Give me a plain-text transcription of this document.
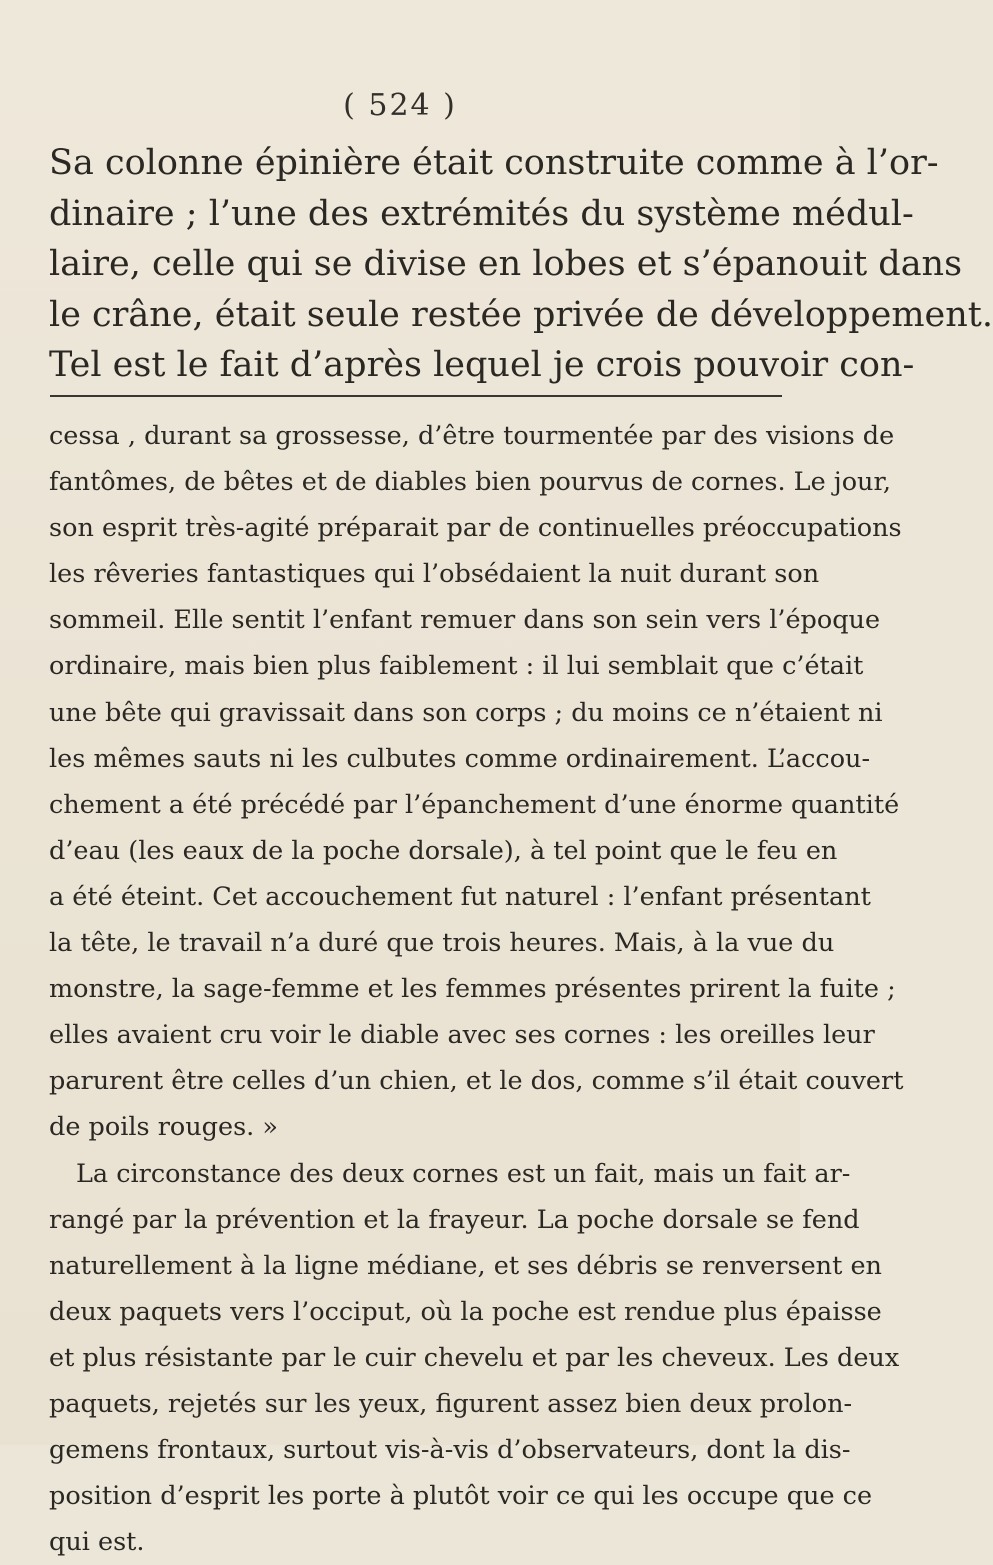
( 524 )
Sa colonne épinière était construite comme à l’or-
dinaire ; l’une des extrémités du système médul-
laire, celle qui se divise en lobes et s’épanouit dans
le crâne, était seule restée privée de développement.
Tel est le fait d’après lequel je crois pouvoir con-
cessa , durant sa grossesse, d’être tourmentée par des visions de
fantômes, de bêtes et de diables bien pourvus de cornes. Le jour,
son esprit très-agité préparait par de continuelles préoccupations
les rêveries fantastiques qui l’obsédaient la nuit durant son
sommeil. Elle sentit l’enfant remuer dans son sein vers l’époque
ordinaire, mais bien plus faiblement : il lui semblait que c’était
une bête qui gravissait dans son corps ; du moins ce n’étaient ni
les mêmes sauts ni les culbutes comme ordinairement. L’accou-
chement a été précédé par l’épanchement d’une énorme quantité
d’eau (les eaux de la poche dorsale), à tel point que le feu en
a été éteint. Cet accouchement fut naturel : l’enfant présentant
la tête, le travail n’a duré que trois heures. Mais, à la vue du
monstre, la sage-femme et les femmes présentes prirent la fuite ;
elles avaient cru voir le diable avec ses cornes : les oreilles leur
parurent être celles d’un chien, et le dos, comme s’il était couvert
de poils rouges. »
La circonstance des deux cornes est un fait, mais un fait ar-
rangé par la prévention et la frayeur. La poche dorsale se fend
naturellement à la ligne médiane, et ses débris se renversent en
deux paquets vers l’occiput, où la poche est rendue plus épaisse
et plus résistante par le cuir chevelu et par les cheveux. Les deux
paquets, rejetés sur les yeux, figurent assez bien deux prolon-
gemens frontaux, surtout vis-à-vis d’observateurs, dont la dis-
position d’esprit les porte à plutôt voir ce qui les occupe que ce
qui est.
